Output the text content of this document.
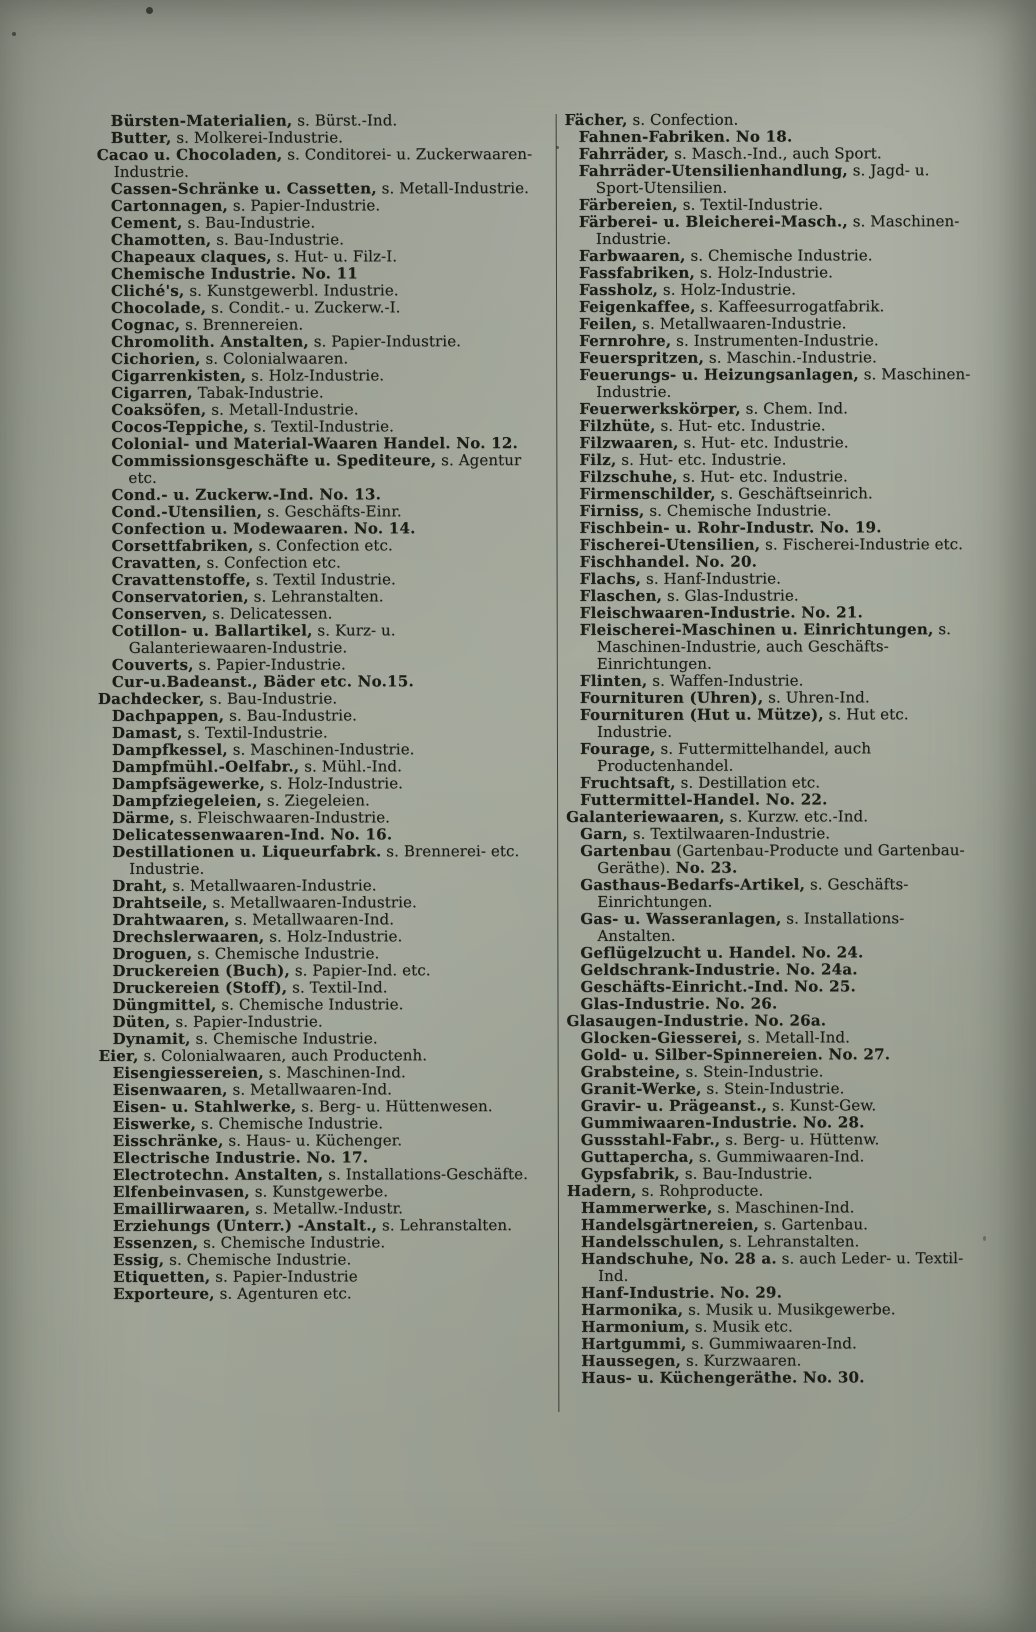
Bürsten-Materialien, s. Bürst.-Ind.

Butter, s. Molkerei-Industrie.

Cacao u. Chocoladen, s. Conditorei- u. Zuckerwaaren-Industrie.

Cassen-Schränke u. Cassetten, s. Metall-Industrie.

Cartonnagen, s. Papier-Industrie.

Cement, s. Bau-Industrie.

Chamotten, s. Bau-Industrie.

Chapeaux claques, s. Hut- u. Filz-I.

Chemische Industrie. No. 11

Cliché's, s. Kunstgewerbl. Industrie.

Chocolade, s. Condit.- u. Zuckerw.-I.

Cognac, s. Brennereien.

Chromolith. Anstalten, s. Papier-Industrie.

Cichorien, s. Colonialwaaren.

Cigarrenkisten, s. Holz-Industrie.

Cigarren, Tabak-Industrie.

Coaksöfen, s. Metall-Industrie.

Cocos-Teppiche, s. Textil-Industrie.

Colonial- und Material-Waaren Handel. No. 12.

Commissionsgeschäfte u. Spediteure, s. Agentur etc.

Cond.- u. Zuckerw.-Ind. No. 13.

Cond.-Utensilien, s. Geschäfts-Einr.

Confection u. Modewaaren. No. 14.

Corsettfabriken, s. Confection etc.

Cravatten, s. Confection etc.

Cravattenstoffe, s. Textil Industrie.

Conservatorien, s. Lehranstalten.

Conserven, s. Delicatessen.

Cotillon- u. Ballartikel, s. Kurz- u. Galanteriewaaren-Industrie.

Couverts, s. Papier-Industrie.

Cur-u.Badeanst., Bäder etc. No.15.

Dachdecker, s. Bau-Industrie.

Dachpappen, s. Bau-Industrie.

Damast, s. Textil-Industrie.

Dampfkessel, s. Maschinen-Industrie.

Dampfmühl.-Oelfabr., s. Mühl.-Ind.

Dampfsägewerke, s. Holz-Industrie.

Dampfziegeleien, s. Ziegeleien.

Därme, s. Fleischwaaren-Industrie.

Delicatessenwaaren-Ind. No. 16.

Destillationen u. Liqueurfabrk. s. Brennerei- etc. Industrie.

Draht, s. Metallwaaren-Industrie.

Drahtseile, s. Metallwaaren-Industrie.

Drahtwaaren, s. Metallwaaren-Ind.

Drechslerwaaren, s. Holz-Industrie.

Droguen, s. Chemische Industrie.

Druckereien (Buch), s. Papier-Ind. etc.

Druckereien (Stoff), s. Textil-Ind.

Düngmittel, s. Chemische Industrie.

Düten, s. Papier-Industrie.

Dynamit, s. Chemische Industrie.

Eier, s. Colonialwaaren, auch Productenh.

Eisengiessereien, s. Maschinen-Ind.

Eisenwaaren, s. Metallwaaren-Ind.

Eisen- u. Stahlwerke, s. Berg- u. Hüttenwesen.

Eiswerke, s. Chemische Industrie.

Eisschränke, s. Haus- u. Küchenger.

Electrische Industrie. No. 17.

Electrotechn. Anstalten, s. Installations-Geschäfte.

Elfenbeinvasen, s. Kunstgewerbe.

Emaillirwaaren, s. Metallw.-Industr.

Erziehungs (Unterr.) -Anstalt., s. Lehranstalten.

Essenzen, s. Chemische Industrie.

Essig, s. Chemische Industrie.

Etiquetten, s. Papier-Industrie

Exporteure, s. Agenturen etc.

Fächer, s. Confection.

Fahnen-Fabriken. No 18.

Fahrräder, s. Masch.-Ind., auch Sport.

Fahrräder-Utensilienhandlung, s. Jagd- u. Sport-Utensilien.

Färbereien, s. Textil-Industrie.

Färberei- u. Bleicherei-Masch., s. Maschinen-Industrie.

Farbwaaren, s. Chemische Industrie.

Fassfabriken, s. Holz-Industrie.

Fassholz, s. Holz-Industrie.

Feigenkaffee, s. Kaffeesurrogatfabrik.

Feilen, s. Metallwaaren-Industrie.

Fernrohre, s. Instrumenten-Industrie.

Feuerspritzen, s. Maschin.-Industrie.

Feuerungs- u. Heizungsanlagen, s. Maschinen-Industrie.

Feuerwerkskörper, s. Chem. Ind.

Filzhüte, s. Hut- etc. Industrie.

Filzwaaren, s. Hut- etc. Industrie.

Filz, s. Hut- etc. Industrie.

Filzschuhe, s. Hut- etc. Industrie.

Firmenschilder, s. Geschäftseinrich.

Firniss, s. Chemische Industrie.

Fischbein- u. Rohr-Industr. No. 19.

Fischerei-Utensilien, s. Fischerei-Industrie etc.

Fischhandel. No. 20.

Flachs, s. Hanf-Industrie.

Flaschen, s. Glas-Industrie.

Fleischwaaren-Industrie. No. 21.

Fleischerei-Maschinen u. Einrichtungen, s. Maschinen-Industrie, auch Geschäfts-Einrichtungen.

Flinten, s. Waffen-Industrie.

Fournituren (Uhren), s. Uhren-Ind.

Fournituren (Hut u. Mütze), s. Hut etc. Industrie.

Fourage, s. Futtermittelhandel, auch Productenhandel.

Fruchtsaft, s. Destillation etc.

Futtermittel-Handel. No. 22.

Galanteriewaaren, s. Kurzw. etc.-Ind.

Garn, s. Textilwaaren-Industrie.

Gartenbau (Gartenbau-Producte und Gartenbau-Geräthe). No. 23.

Gasthaus-Bedarfs-Artikel, s. Geschäfts-Einrichtungen.

Gas- u. Wasseranlagen, s. Installations-Anstalten.

Geflügelzucht u. Handel. No. 24.

Geldschrank-Industrie. No. 24a.

Geschäfts-Einricht.-Ind. No. 25.

Glas-Industrie. No. 26.

Glasaugen-Industrie. No. 26a.

Glocken-Giesserei, s. Metall-Ind.

Gold- u. Silber-Spinnereien. No. 27.

Grabsteine, s. Stein-Industrie.

Granit-Werke, s. Stein-Industrie.

Gravir- u. Prägeanst., s. Kunst-Gew.

Gummiwaaren-Industrie. No. 28.

Gussstahl-Fabr., s. Berg- u. Hüttenw.

Guttapercha, s. Gummiwaaren-Ind.

Gypsfabrik, s. Bau-Industrie.

Hadern, s. Rohproducte.

Hammerwerke, s. Maschinen-Ind.

Handelsgärtnereien, s. Gartenbau.

Handelsschulen, s. Lehranstalten.

Handschuhe, No. 28 a. s. auch Leder- u. Textil-Ind.

Hanf-Industrie. No. 29.

Harmonika, s. Musik u. Musikgewerbe.

Harmonium, s. Musik etc.

Hartgummi, s. Gummiwaaren-Ind.

Haussegen, s. Kurzwaaren.

Haus- u. Küchengeräthe. No. 30.
